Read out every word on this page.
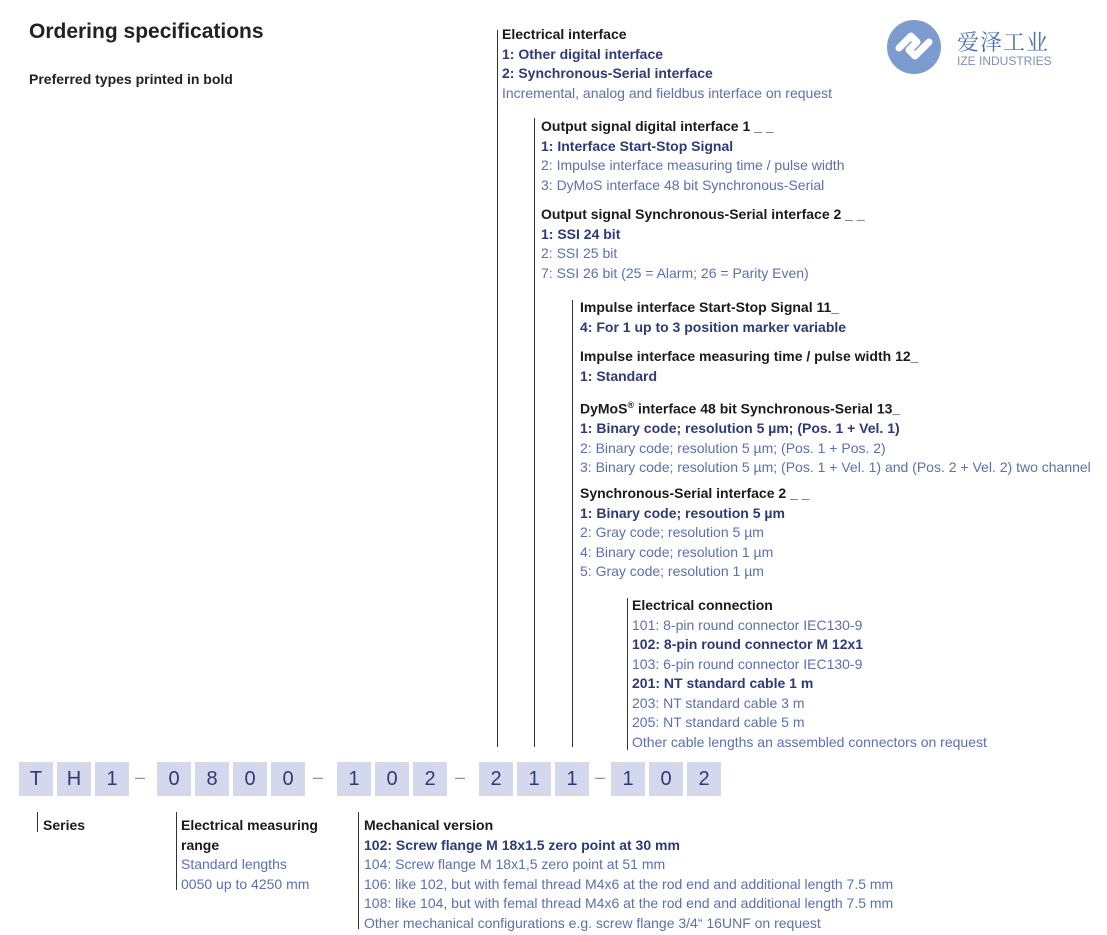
Ordering specifications
Preferred types printed in bold
爱泽工业
IZE INDUSTRIES
Electrical interface
1: Other digital interface
2: Synchronous-Serial interface
Incremental, analog and fieldbus interface on request
Output signal digital interface 1 _ _
1: Interface Start-Stop Signal
2: Impulse interface measuring time / pulse width
3: DyMoS interface 48 bit Synchronous-Serial
Output signal Synchronous-Serial interface 2 _ _
1: SSI 24 bit
2: SSI 25 bit
7: SSI 26 bit (25 = Alarm; 26 = Parity Even)
Impulse interface Start-Stop Signal 11_
4: For 1 up to 3 position marker variable
Impulse interface measuring time / pulse width 12_
1: Standard
DyMoS® interface 48 bit Synchronous-Serial 13_
1: Binary code; resolution 5 µm; (Pos. 1 + Vel. 1)
2: Binary code; resolution 5 µm; (Pos. 1 + Pos. 2)
3: Binary code; resolution 5 µm; (Pos. 1 + Vel. 1) and (Pos. 2 + Vel. 2) two channel
Synchronous-Serial interface 2 _ _
1: Binary code; resoution 5 µm
2: Gray code; resolution 5 µm
4: Binary code; resolution 1 µm
5: Gray code; resolution 1 µm
Electrical connection
101: 8-pin round connector IEC130-9
102: 8-pin round connector M 12x1
103: 6-pin round connector IEC130-9
201: NT standard cable 1 m
203: NT standard cable 3 m
205: NT standard cable 5 m
Other cable lengths an assembled connectors on request
T	H	1 –	0	8	0	0	–	1	0	2	–	2	1	1 – 1	0	2
Series	Electrical measuring
range
Standard lengths
0050 up to 4250 mm
Mechanical version
102: Screw flange M 18x1.5 zero point at 30 mm
104: Screw flange M 18x1,5 zero point at 51 mm
106: like 102, but with femal thread M4x6 at the rod end and additional length 7.5 mm
108: like 104, but with femal thread M4x6 at the rod end and additional length 7.5 mm
Other mechanical configurations e.g. screw flange 3/4“ 16UNF on request
